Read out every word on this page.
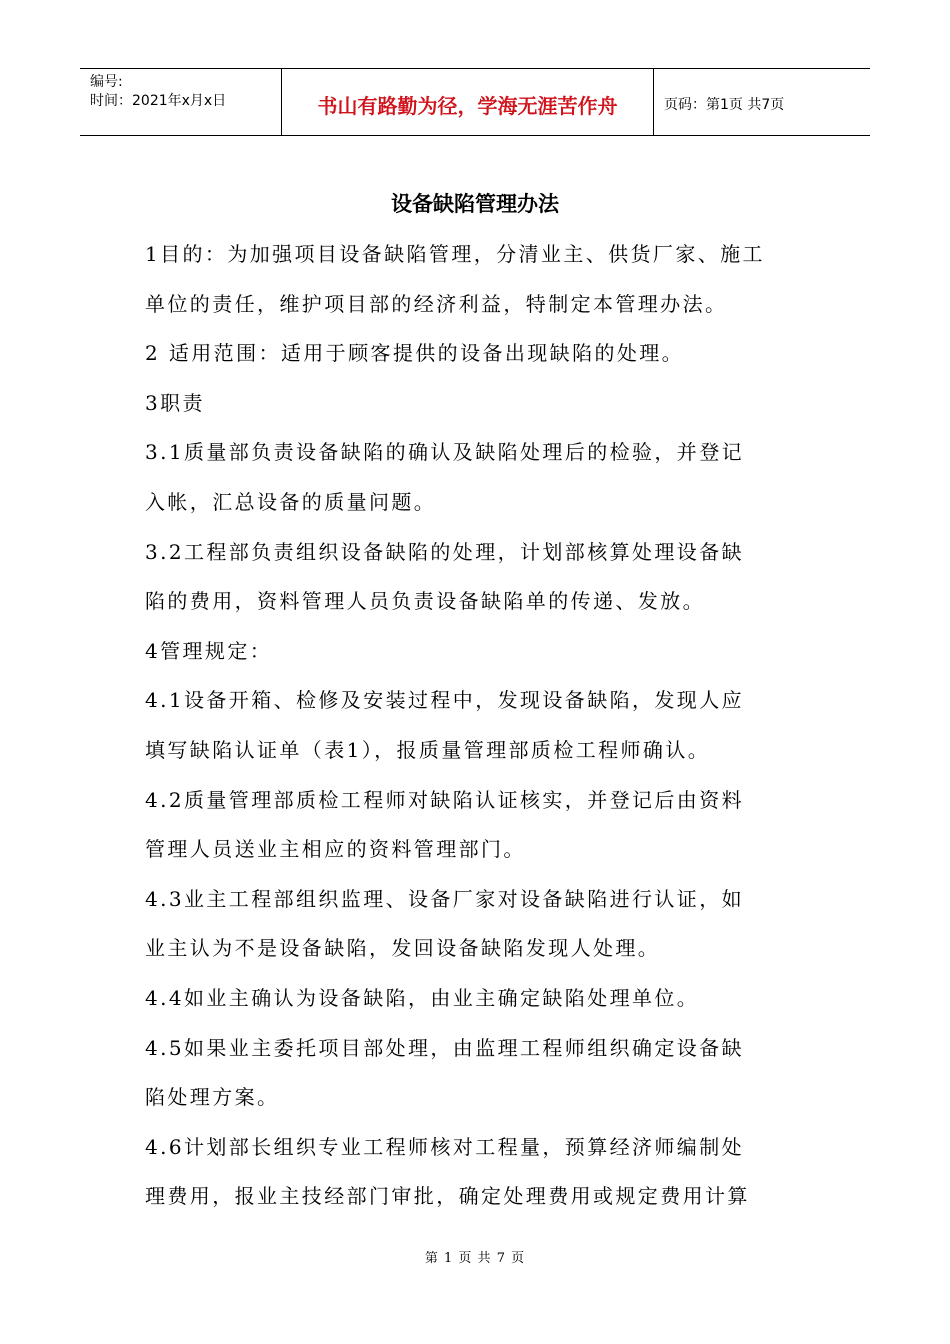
编号:
时间：2021年x月x日	书山有路勤为径，学海无涯苦作舟	页码：第1页 共7页
设备缺陷管理办法

1目的：为加强项目设备缺陷管理，分清业主、供货厂家、施工

单位的责任，维护项目部的经济利益，特制定本管理办法。

2 适用范围：适用于顾客提供的设备出现缺陷的处理。

3职责

3.1质量部负责设备缺陷的确认及缺陷处理后的检验，并登记

入帐，汇总设备的质量问题。

3.2工程部负责组织设备缺陷的处理，计划部核算处理设备缺

陷的费用，资料管理人员负责设备缺陷单的传递、发放。

4管理规定：

4.1设备开箱、检修及安装过程中，发现设备缺陷，发现人应

填写缺陷认证单（表1），报质量管理部质检工程师确认。

4.2质量管理部质检工程师对缺陷认证核实，并登记后由资料

管理人员送业主相应的资料管理部门。

4.3业主工程部组织监理、设备厂家对设备缺陷进行认证，如

业主认为不是设备缺陷，发回设备缺陷发现人处理。

4.4如业主确认为设备缺陷，由业主确定缺陷处理单位。

4.5如果业主委托项目部处理，由监理工程师组织确定设备缺

陷处理方案。

4.6计划部长组织专业工程师核对工程量，预算经济师编制处

理费用，报业主技经部门审批，确定处理费用或规定费用计算

第 1 页 共 7 页
